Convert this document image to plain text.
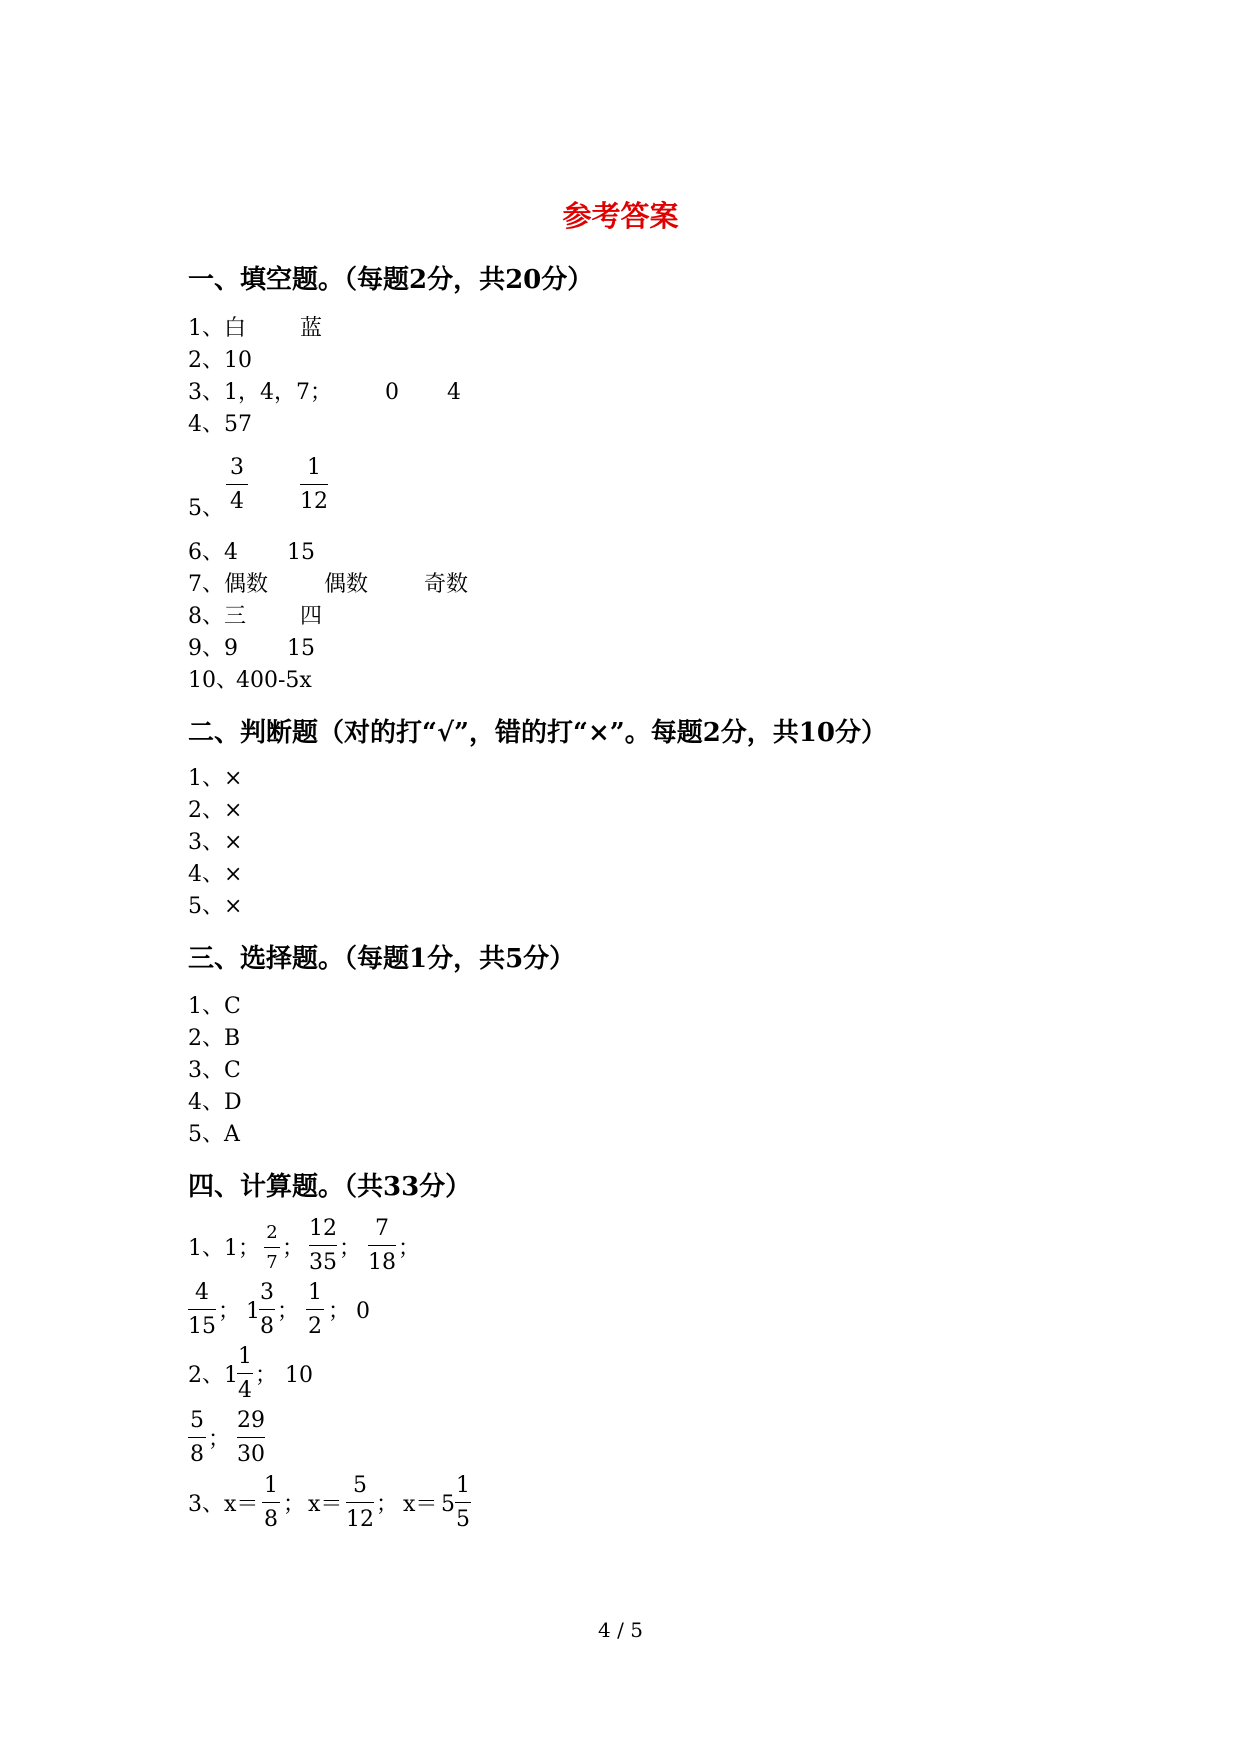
参考答案
一、填空题。（每题2分，共20分）
1、 白 蓝
2、 10
3、 1，4，7； 0 4
4、 57
5、
3
4
1
12
6、 4 15
7、 偶数	偶数	奇数
8、 三 四
9、 9 15
10、
400-5x
二、判断题（对的打“√”，错的打“×”。每题2分，共10分）
1、×
2、×
3、×
4、×
5、×
三、选择题。（每题1分，共5分）
1、C
2、B
3、C
4、D
5、A
四、计算题。（共33分）
1、 1；
2
7
；
12
35
；
7
18
；
4
15
； 1
3
8
；
1
2
； 0
2、 1
1
4
； 10
5
8
；
29
30
3、 x＝
1
8
； x＝
5
12
； x＝ 5
1
5
4 / 5
